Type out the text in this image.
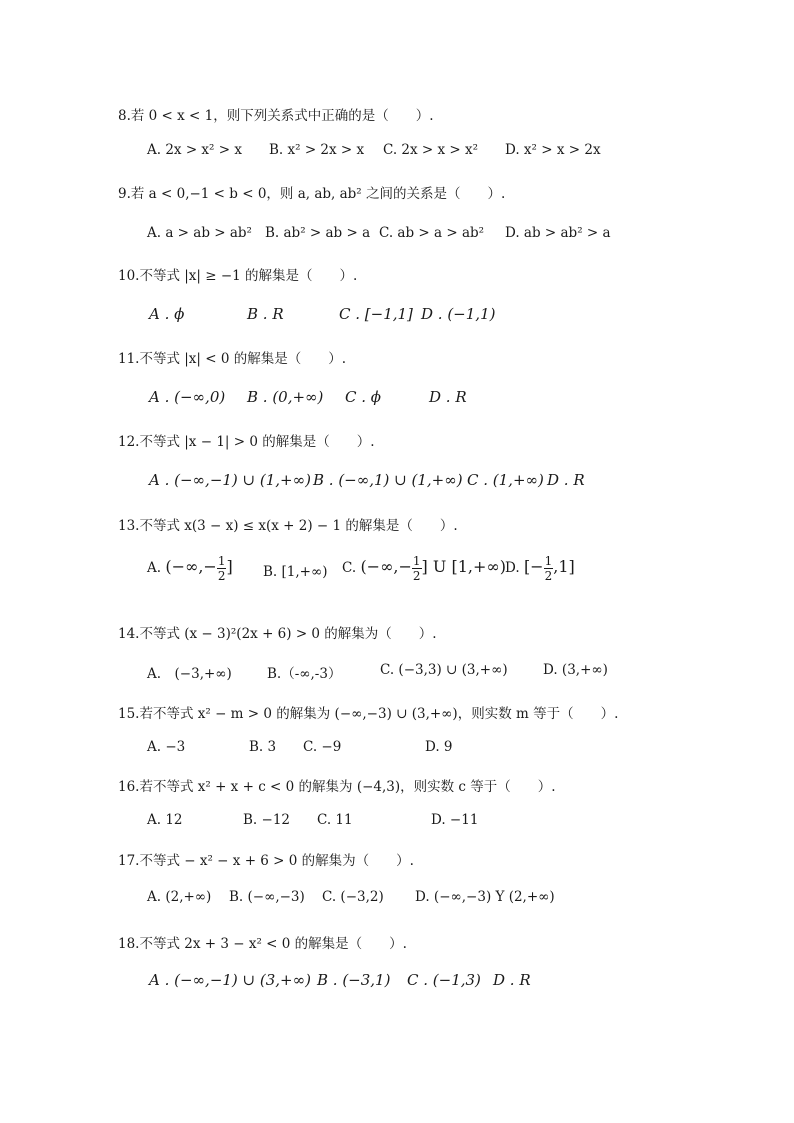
8.若 0 < x < 1，则下列关系式中正确的是（　　）.
A. 2x > x² > x B. x² > 2x > x C. 2x > x > x² D. x² > x > 2x
9.若 a < 0,−1 < b < 0，则 a, ab, ab² 之间的关系是（　　）.
A. a > ab > ab² B. ab² > ab > a C. ab > a > ab² D. ab > ab² > a
10.不等式 |x| ≥ −1 的解集是（　　）.
A . ϕ	B . R	C . [−1,1] D . (−1,1)
11.不等式 |x| < 0 的解集是（　　）.
A . (−∞,0) B . (0,+∞) C . ϕ	D . R
12.不等式 |x − 1| > 0 的解集是（　　）.
A . (−∞,−1) ∪ (1,+∞) B . (−∞,1) ∪ (1,+∞) C . (1,+∞) D . R
13.不等式 x(3 − x) ≤ x(x + 2) − 1 的解集是（　　）.
A. (−∞,− $\frac{1}{2}$ ] B. [1,+∞) C. (−∞,− $\frac{1}{2}$ ] U [1,+∞) D. [− $\frac{1}{2} ,1$]
14.不等式 (x − 3)²(2x + 6) > 0 的解集为（　　）.
A.　(−3,+∞)	B.（-∞,-3）	C. (−3,3) ∪ (3,+∞)	D. (3,+∞)
15.若不等式 x² − m > 0 的解集为 (−∞,−3) ∪ (3,+∞)，则实数 m 等于（　　）.
A. −3	B. 3 C. −9	D. 9
16.若不等式 x² + x + c < 0 的解集为 (−4,3)，则实数 c 等于（　　）.
A. 12	B. −12 C. 11	D. −11
17.不等式 − x² − x + 6 > 0 的解集为（　　）.
A. (2,+∞) B. (−∞,−3) C. (−3,2) D. (−∞,−3) Y (2,+∞)
18.不等式 2x + 3 − x² < 0 的解集是（　　）.
A . (−∞,−1) ∪ (3,+∞) B . (−3,1) C . (−1,3) D . R
